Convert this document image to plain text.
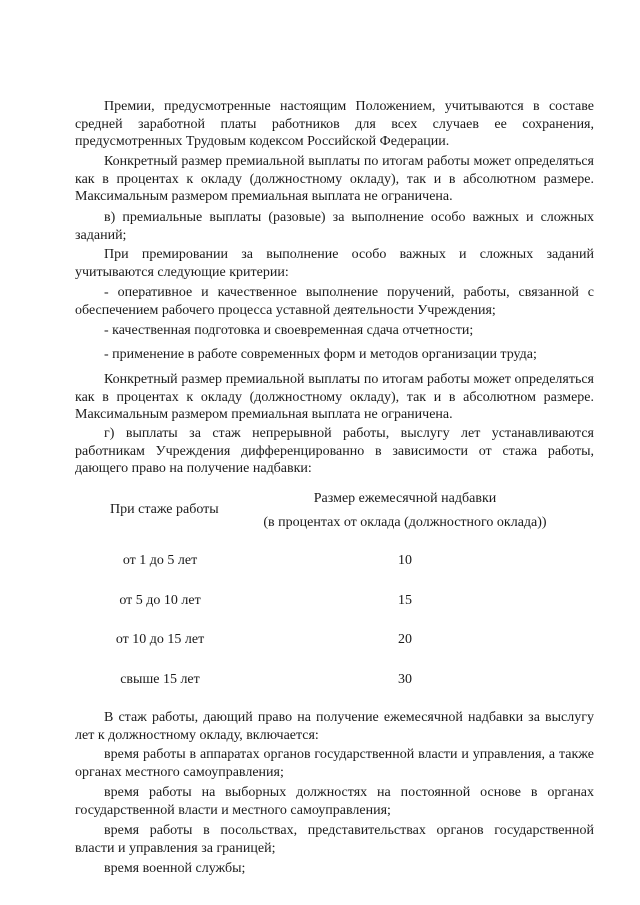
Премии, предусмотренные настоящим Положением, учитываются в составе средней заработной платы работников для всех случаев ее сохранения, предусмотренных Трудовым кодексом Российской Федерации.

Конкретный размер премиальной выплаты по итогам работы может определяться как в процентах к окладу (должностному окладу), так и в абсолютном размере. Максимальным размером премиальная выплата не ограничена.

в) премиальные выплаты (разовые) за выполнение особо важных и сложных заданий;

При премировании за выполнение особо важных и сложных заданий учитываются следующие критерии:

- оперативное и качественное выполнение поручений, работы, связанной с обеспечением рабочего процесса уставной деятельности Учреждения;

- качественная подготовка и своевременная сдача отчетности;

- применение в работе современных форм и методов организации труда;

Конкретный размер премиальной выплаты по итогам работы может определяться как в процентах к окладу (должностному окладу), так и в абсолютном размере. Максимальным размером премиальная выплата не ограничена.

г) выплаты за стаж непрерывной работы, выслугу лет устанавливаются работникам Учреждения дифференцированно в зависимости от стажа работы, дающего право на получение надбавки:

При стаже работы
Размер ежемесячной надбавки
(в процентах от оклада (должностного оклада))
от 1 до 5 лет	10
от 5 до 10 лет	15
от 10 до 15 лет	20
свыше 15 лет	30

В стаж работы, дающий право на получение ежемесячной надбавки за выслугу лет к должностному окладу, включается:

время работы в аппаратах органов государственной власти и управления, а также органах местного самоуправления;

время работы на выборных должностях на постоянной основе в органах государственной власти и местного самоуправления;

время работы в посольствах, представительствах органов государственной власти и управления за границей;

время военной службы;
